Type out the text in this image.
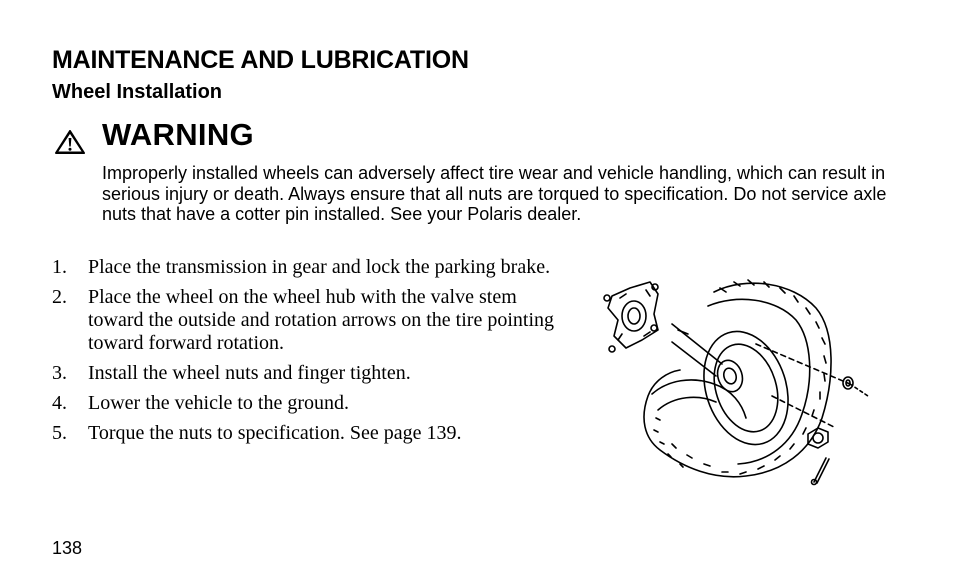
MAINTENANCE AND LUBRICATION
Wheel Installation
WARNING

Improperly installed wheels can adversely affect tire wear and vehicle handling, which can result in serious injury or death. Always ensure that all nuts are torqued to specification. Do not service axle nuts that have a cotter pin installed. See your Polaris dealer.

1. Place the transmission in gear and lock the parking brake.
2. Place the wheel on the wheel hub with the valve stem toward the outside and rotation arrows on the tire pointing toward forward rotation.
3. Install the wheel nuts and finger tighten.
4. Lower the vehicle to the ground.
5. Torque the nuts to specification. See page 139.

138
